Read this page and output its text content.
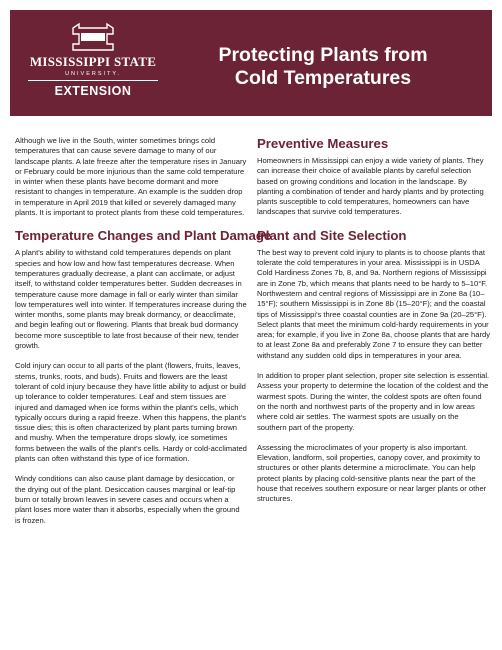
MISSISSIPPI STATE
UNIVERSITY.
EXTENSION
Protecting Plants from
Cold Temperatures

Although we live in the South, winter sometimes brings cold temperatures that can cause severe damage to many of our landscape plants. A late freeze after the temperature rises in January or February could be more injurious than the same cold temperature in winter when these plants have become dormant and more resistant to changes in temperature. An example is the sudden drop in temperature in April 2019 that killed or severely damaged many plants. It is important to protect plants from these cold temperatures.

Temperature Changes and Plant Damage

A plant's ability to withstand cold temperatures depends on plant species and how low and how fast temperatures decrease. When temperatures gradually decrease, a plant can acclimate, or adjust itself, to withstand colder temperatures better. Sudden decreases in temperature cause more damage in fall or early winter than similar low temperatures well into winter. If temperatures increase during the winter months, some plants may break dormancy, or deacclimate, and begin leafing out or flowering. Plants that break bud dormancy become more susceptible to late frost because of their new, tender growth.

Cold injury can occur to all parts of the plant (flowers, fruits, leaves, stems, trunks, roots, and buds). Fruits and flowers are the least tolerant of cold injury because they have little ability to adjust or build up tolerance to colder temperatures. Leaf and stem tissues are injured and damaged when ice forms within the plant's cells, which typically occurs during a rapid freeze. When this happens, the plant's tissue dies; this is often characterized by plant parts turning brown and mushy. When the temperature drops slowly, ice sometimes forms between the walls of the plant's cells. Hardy or cold-acclimated plants can often withstand this type of ice formation.

Windy conditions can also cause plant damage by desiccation, or the drying out of the plant. Desiccation causes marginal or leaf-tip burn or totally brown leaves in severe cases and occurs when a plant loses more water than it absorbs, especially when the ground is frozen.

Preventive Measures

Homeowners in Mississippi can enjoy a wide variety of plants. They can increase their choice of available plants by careful selection based on growing conditions and location in the landscape. By planting a combination of tender and hardy plants and by protecting plants susceptible to cold temperatures, homeowners can have landscapes that survive cold temperatures.

Plant and Site Selection

The best way to prevent cold injury to plants is to choose plants that tolerate the cold temperatures in your area. Mississippi is in USDA Cold Hardiness Zones 7b, 8, and 9a. Northern regions of Mississippi are in Zone 7b, which means that plants need to be hardy to 5–10°F. Northwestern and central regions of Mississippi are in Zone 8a (10–15°F); southern Mississippi is in Zone 8b (15–20°F); and the coastal tips of Mississippi's three coastal counties are in Zone 9a (20–25°F). Select plants that meet the minimum cold-hardy requirements in your area; for example, if you live in Zone 8a, choose plants that are hardy to at least Zone 8a and preferably Zone 7 to ensure they can better withstand any sudden cold dips in temperatures in your area.

In addition to proper plant selection, proper site selection is essential. Assess your property to determine the location of the coldest and the warmest spots. During the winter, the coldest spots are often found on the north and northwest parts of the property and in low areas where cold air settles. The warmest spots are usually on the southern part of the property.

Assessing the microclimates of your property is also important. Elevation, landform, soil properties, canopy cover, and proximity to structures or other plants determine a microclimate. You can help protect plants by placing cold-sensitive plants near the part of the house that receives southern exposure or near larger plants or other structures.
